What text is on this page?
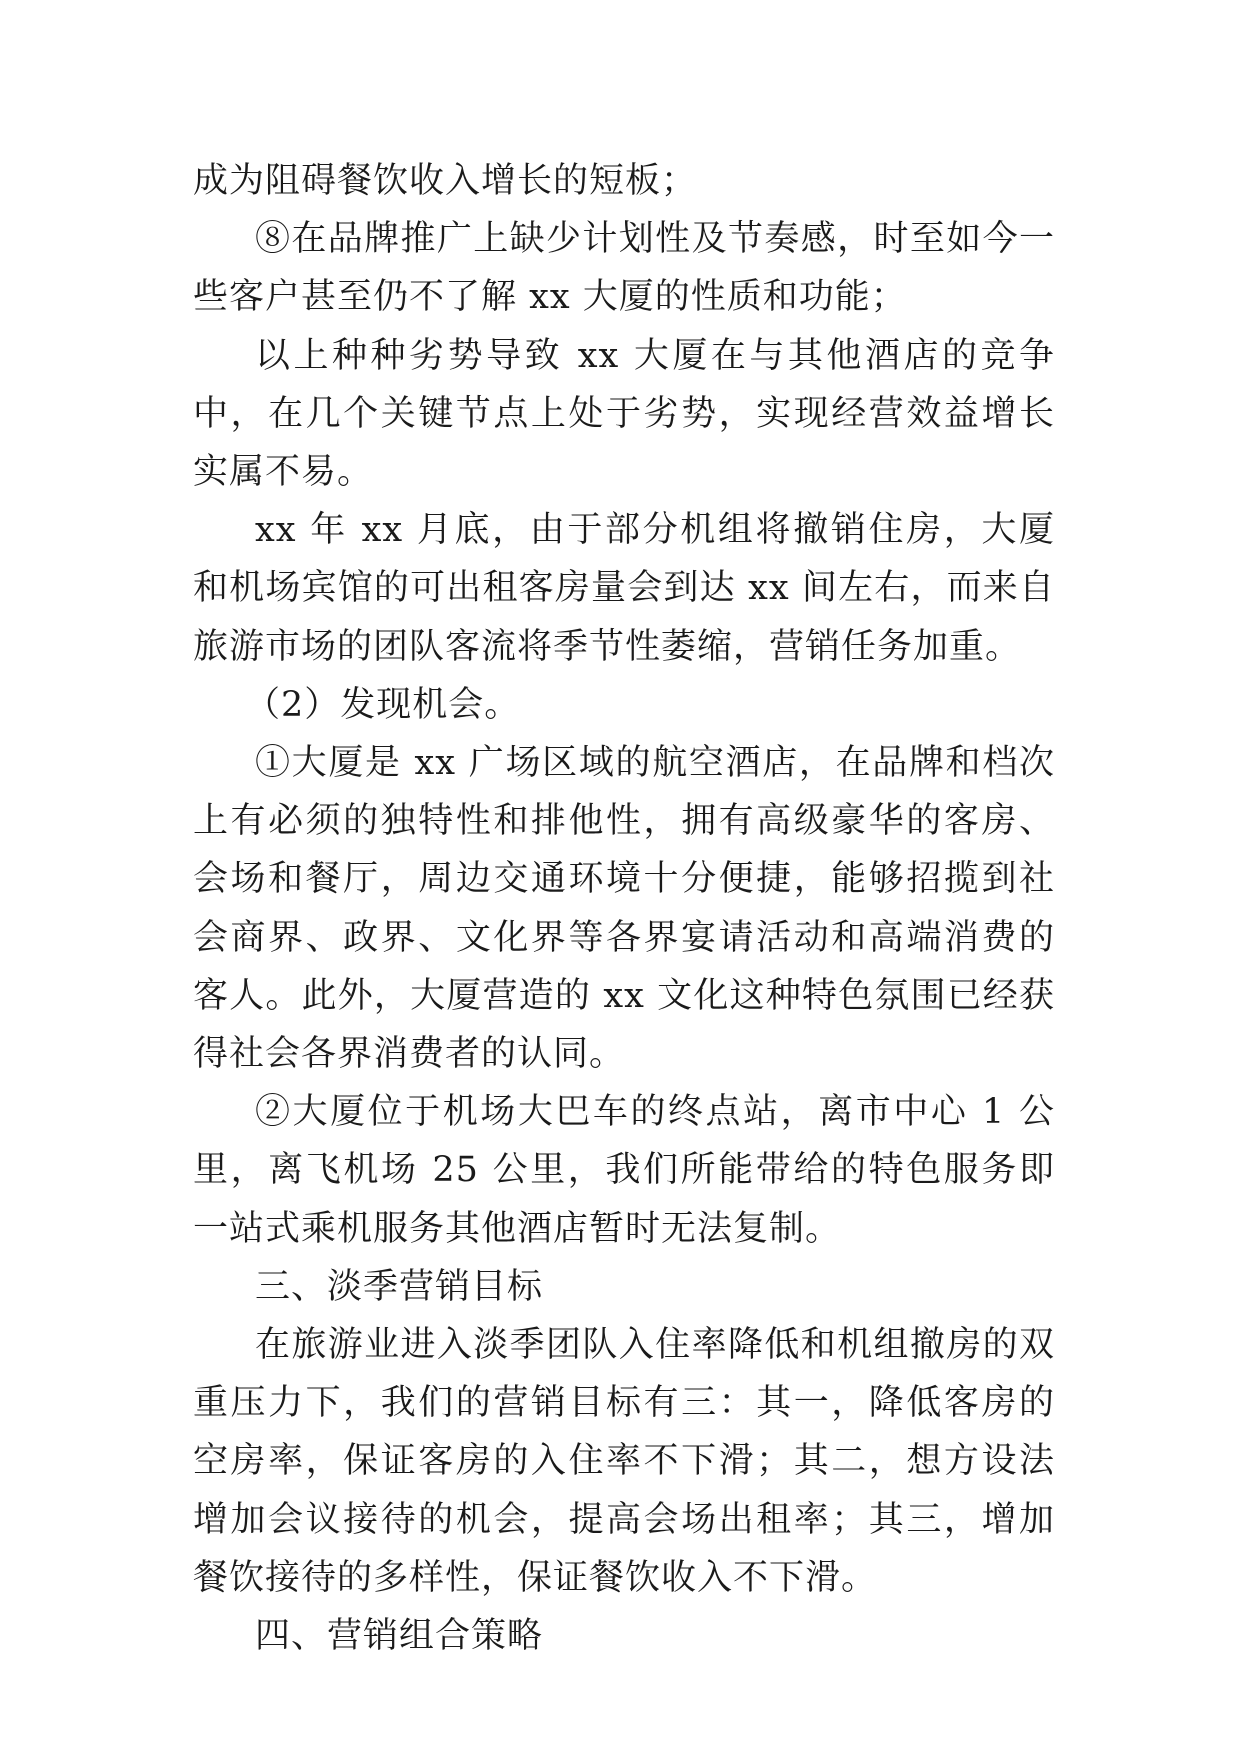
成为阻碍餐饮收入增长的短板；

⑧在品牌推广上缺少计划性及节奏感，时至如今一些客户甚至仍不了解 xx 大厦的性质和功能；

以上种种劣势导致 xx 大厦在与其他酒店的竞争中，在几个关键节点上处于劣势，实现经营效益增长实属不易。

xx 年 xx 月底，由于部分机组将撤销住房，大厦和机场宾馆的可出租客房量会到达 xx 间左右，而来自旅游市场的团队客流将季节性萎缩，营销任务加重。

（2）发现机会。

①大厦是 xx 广场区域的航空酒店，在品牌和档次上有必须的独特性和排他性，拥有高级豪华的客房、会场和餐厅，周边交通环境十分便捷，能够招揽到社会商界、政界、文化界等各界宴请活动和高端消费的客人。此外，大厦营造的 xx 文化这种特色氛围已经获得社会各界消费者的认同。

②大厦位于机场大巴车的终点站，离市中心 1 公里，离飞机场 25 公里，我们所能带给的特色服务即一站式乘机服务其他酒店暂时无法复制。

三、淡季营销目标

在旅游业进入淡季团队入住率降低和机组撤房的双重压力下，我们的营销目标有三：其一，降低客房的空房率，保证客房的入住率不下滑；其二，想方设法增加会议接待的机会，提高会场出租率；其三，增加餐饮接待的多样性，保证餐饮收入不下滑。

四、营销组合策略
